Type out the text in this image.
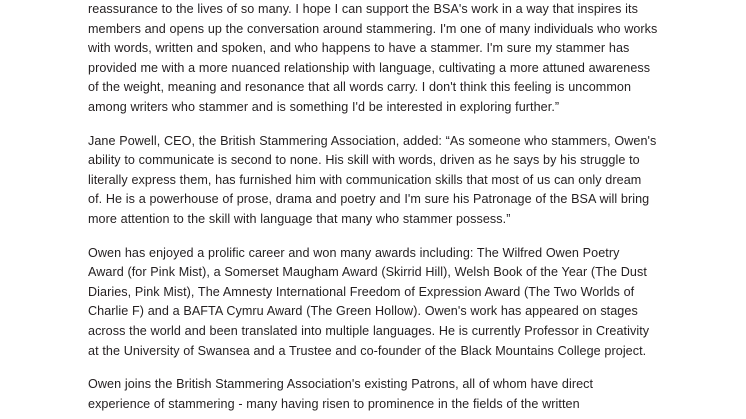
reassurance to the lives of so many. I hope I can support the BSA's work in a way that inspires its members and opens up the conversation around stammering. I'm one of many individuals who works with words, written and spoken, and who happens to have a stammer. I'm sure my stammer has provided me with a more nuanced relationship with language, cultivating a more attuned awareness of the weight, meaning and resonance that all words carry. I don't think this feeling is uncommon among writers who stammer and is something I'd be interested in exploring further.”

Jane Powell, CEO, the British Stammering Association, added: “As someone who stammers, Owen's ability to communicate is second to none. His skill with words, driven as he says by his struggle to literally express them, has furnished him with communication skills that most of us can only dream of. He is a powerhouse of prose, drama and poetry and I'm sure his Patronage of the BSA will bring more attention to the skill with language that many who stammer possess.”

Owen has enjoyed a prolific career and won many awards including: The Wilfred Owen Poetry Award (for Pink Mist), a Somerset Maugham Award (Skirrid Hill), Welsh Book of the Year (The Dust Diaries, Pink Mist), The Amnesty International Freedom of Expression Award (The Two Worlds of Charlie F) and a BAFTA Cymru Award (The Green Hollow). Owen's work has appeared on stages across the world and been translated into multiple languages. He is currently Professor in Creativity at the University of Swansea and a Trustee and co-founder of the Black Mountains College project.

Owen joins the British Stammering Association's existing Patrons, all of whom have direct experience of stammering - many having risen to prominence in the fields of the written
